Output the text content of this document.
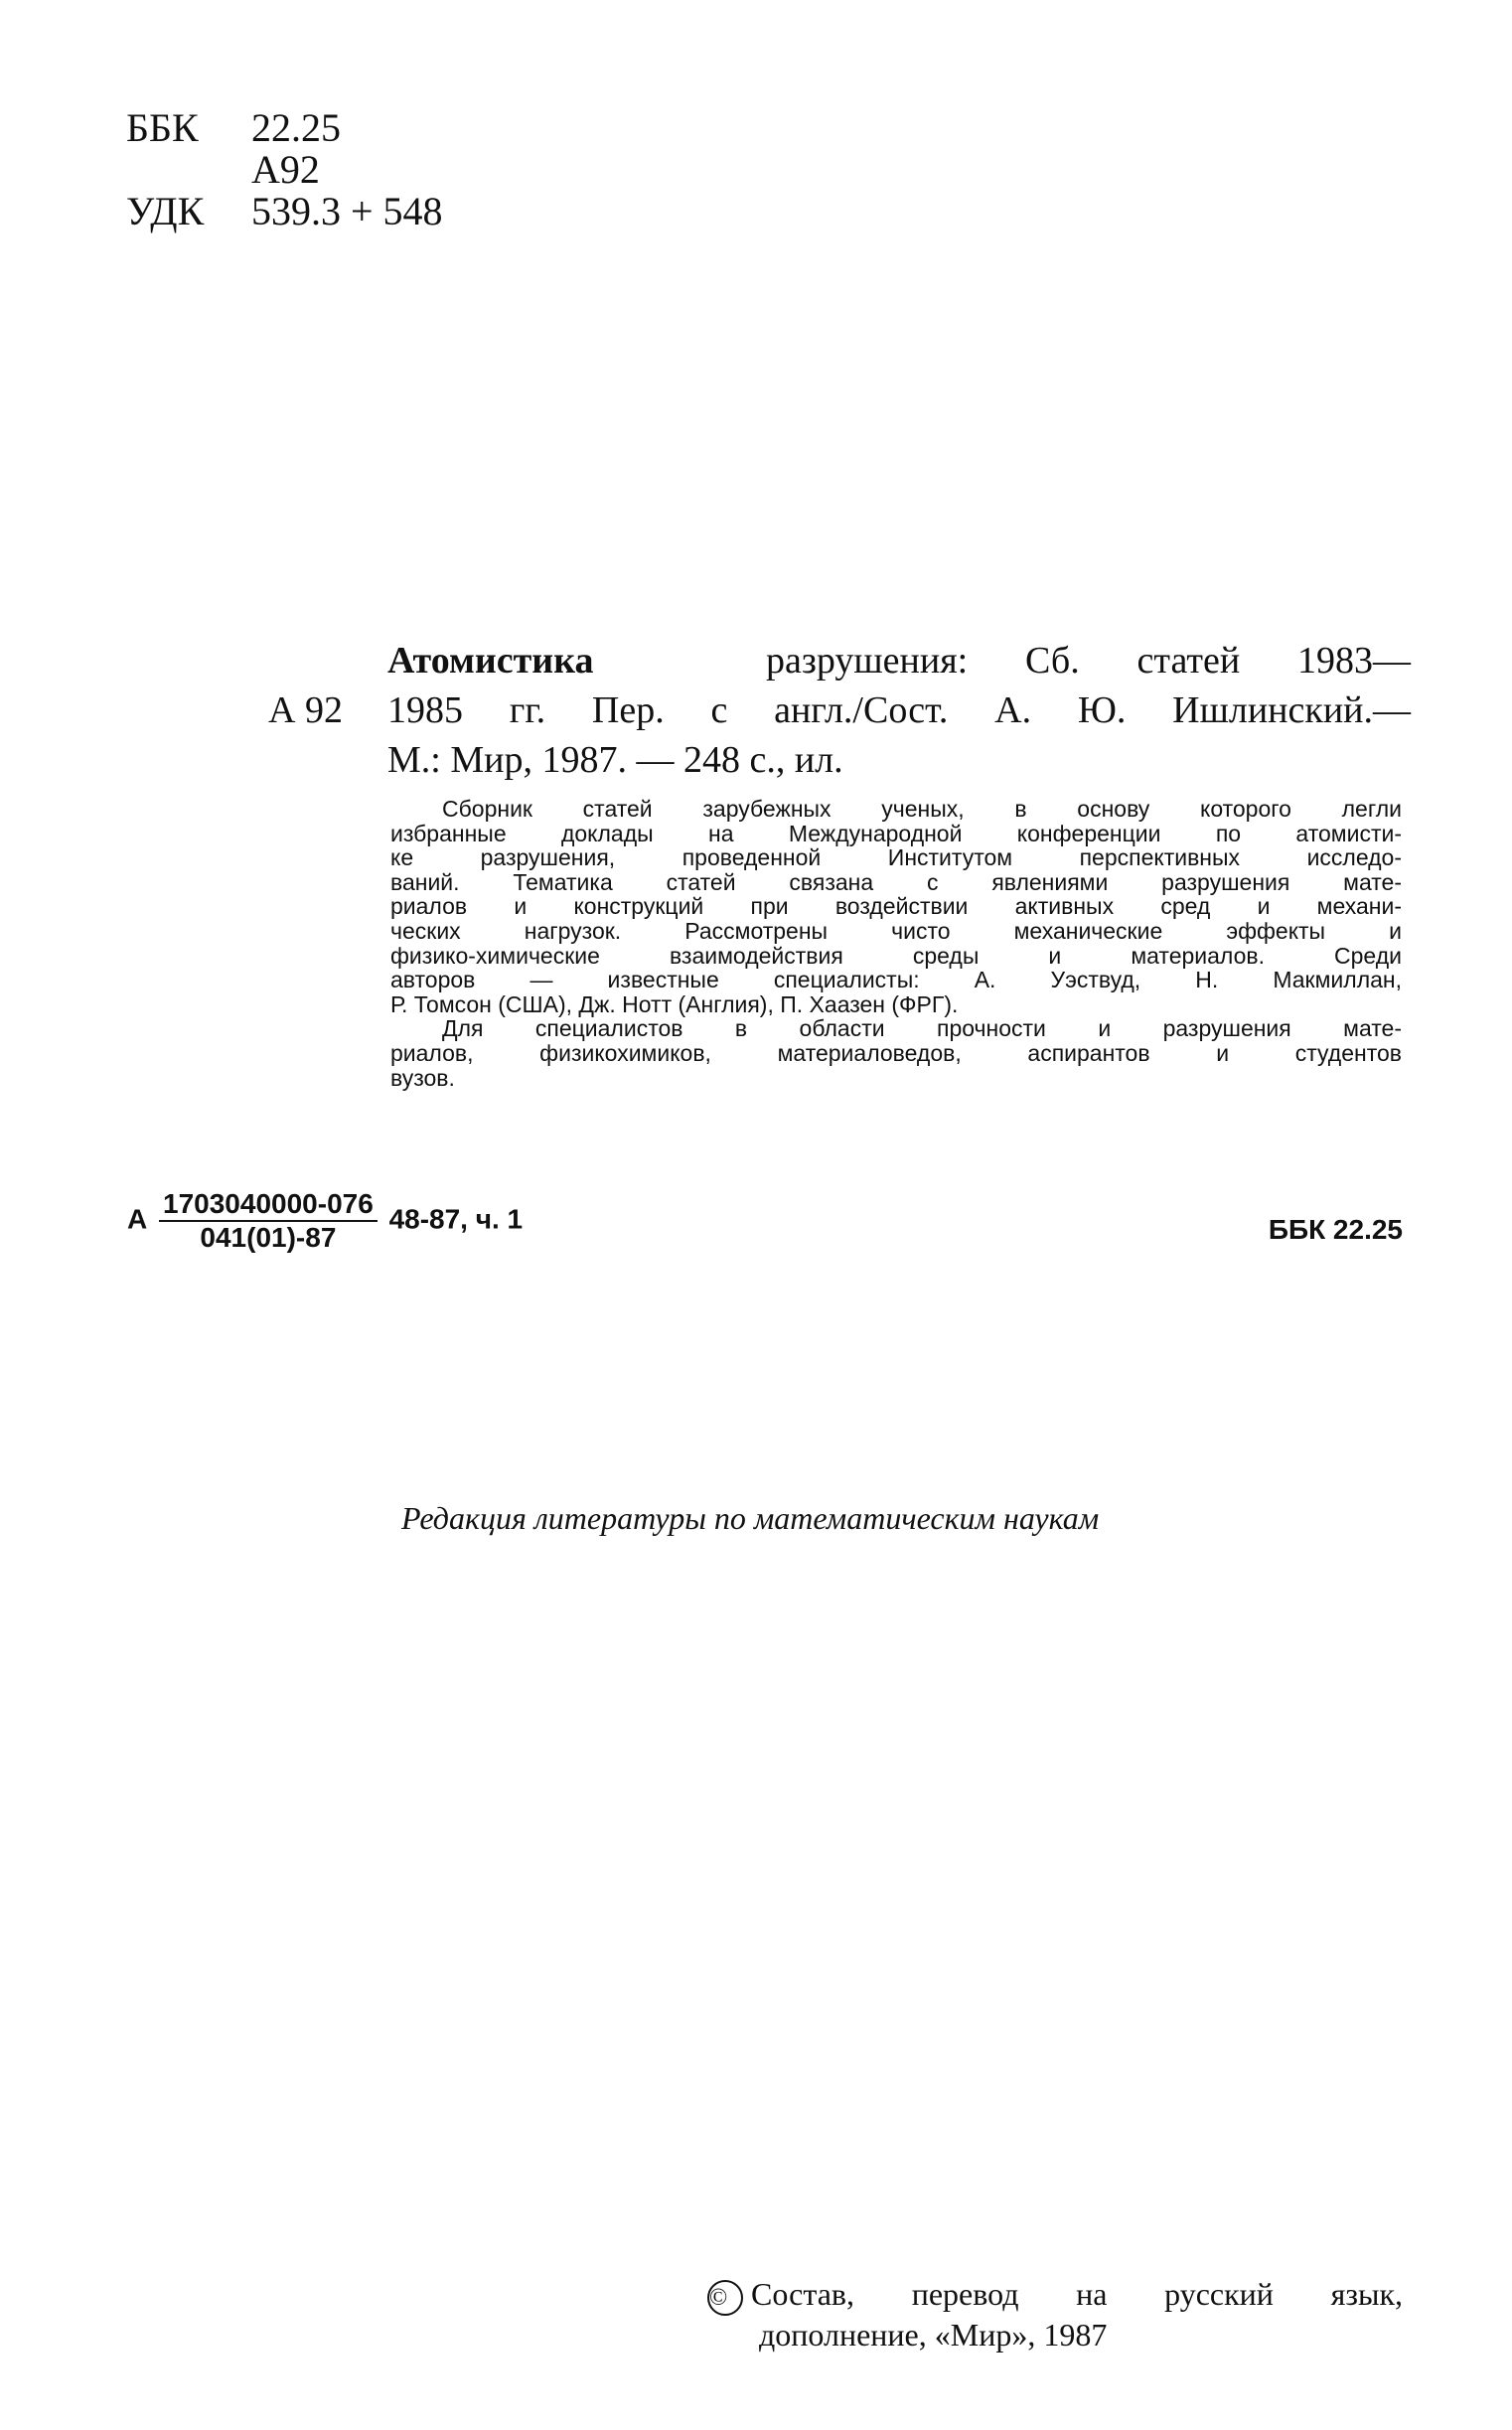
ББК	22.25
А92
УДК	539.3 + 548
Атомистика	разрушения: Сб. статей 1983—
А 92	1985 гг. Пер. с англ./Сост. А. Ю. Ишлинский.—
М.: Мир, 1987. — 248 с., ил.
Сборник статей зарубежных ученых, в основу которого легли
избранные доклады на Международной конференции по атомисти-
ке разрушения, проведенной Институтом перспективных исследо-
ваний. Тематика статей связана с явлениями разрушения мате-
риалов и конструкций при воздействии активных сред и механи-
ческих нагрузок. Рассмотрены чисто механические эффекты и
физико-химические взаимодействия среды и материалов. Среди
авторов — известные специалисты: А. Уэствуд, Н. Макмиллан,
Р. Томсон (США), Дж. Нотт (Англия), П. Хаазен (ФРГ).
Для специалистов в области прочности и разрушения мате-
риалов, физикохимиков, материаловедов, аспирантов и студентов
вузов.
А $\frac{1703040000-076}{041(01)-87} 48-87$, ч. 1	ББК 22.25
Редакция литературы по математическим наукам
© Состав, перевод на русский язык,
дополнение, «Мир», 1987
